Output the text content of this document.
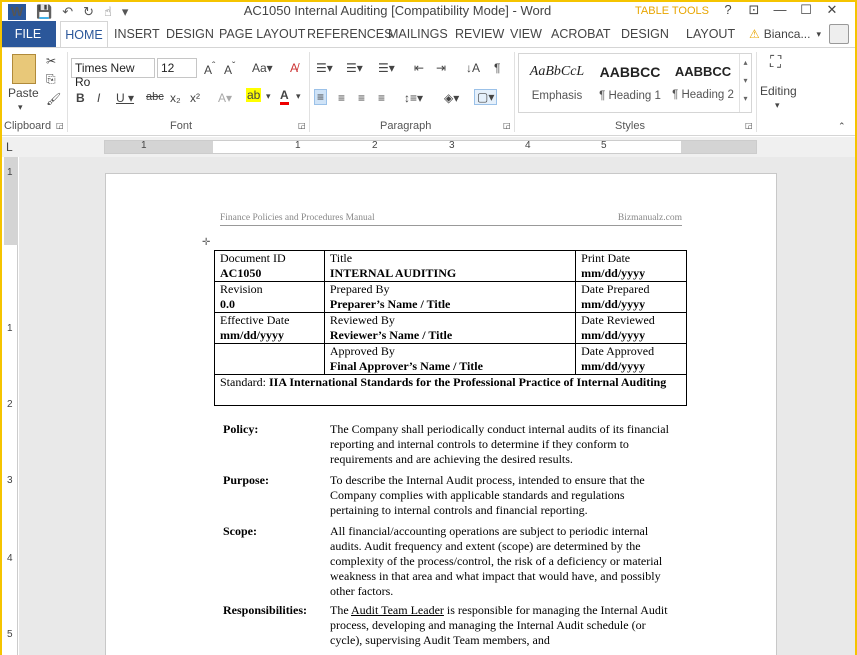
W 💾 ↶ ↻ ☝ ▾	AC1050 Internal Auditing [Compatibility Mode] - Word	TABLE TOOLS	?	⊡	—	☐	✕
FILE	HOME INSERT DESIGN PAGE LAYOUT REFERENCES
MAILINGS REVIEW VIEW ACROBAT DESIGN LAYOUT ⚠ Bianca... ▾
Paste
▾
✂
⎘
🖌
Clipboard ◲
Times New Ro
12	$A^ˆ$ $A^ˇ$ Aa▾ A̸
B I U ▾ abc x₂ x² A▾ ab ▾ A ▾
Font	◲
☰▾ ☰▾ ☰▾ ⇤ ⇥ ↓A ¶
≡ ≡ ≡ ≡ ↕≡▾ ◈▾ ▢▾
Paragraph	◲
AaBbCcL
Emphasis
AABBCC
¶ Heading 1
AABBCC
¶ Heading 2
▴
▾
▾
Styles	◲
⛶
Editing
▾
⌃
L	1	1	2	3	4	5
1
1
2
3
4
5
Finance Policies and Procedures Manual	Bizmanualz.com
✛
Document ID
AC1050	Title
INTERNAL AUDITING	Print Date
mm/dd/yyyy
Revision
0.0	Prepared By
Preparer’s Name / Title	Date Prepared
mm/dd/yyyy
Effective Date
mm/dd/yyyy	Reviewed By
Reviewer’s Name / Title	Date Reviewed
mm/dd/yyyy
	Approved By
Final Approver’s Name / Title	Date Approved
mm/dd/yyyy
Standard: IIA International Standards for the Professional Practice of Internal Auditing		
Policy:	The Company shall periodically conduct internal audits of its financial reporting and internal controls to determine if they conform to requirements and are achieving the desired results.
Purpose:	To describe the Internal Audit process, intended to ensure that the Company complies with applicable standards and regulations pertaining to internal controls and financial reporting.
Scope:	All financial/accounting operations are subject to periodic internal audits. Audit frequency and extent (scope) are determined by the complexity of the process/control, the risk of a deficiency or material weakness in that area and what impact that would have, and possibly other factors.
Responsibilities: The Audit Team Leader is responsible for managing the Internal Audit process, developing and managing the Internal Audit schedule (or cycle), supervising Audit Team members, and
